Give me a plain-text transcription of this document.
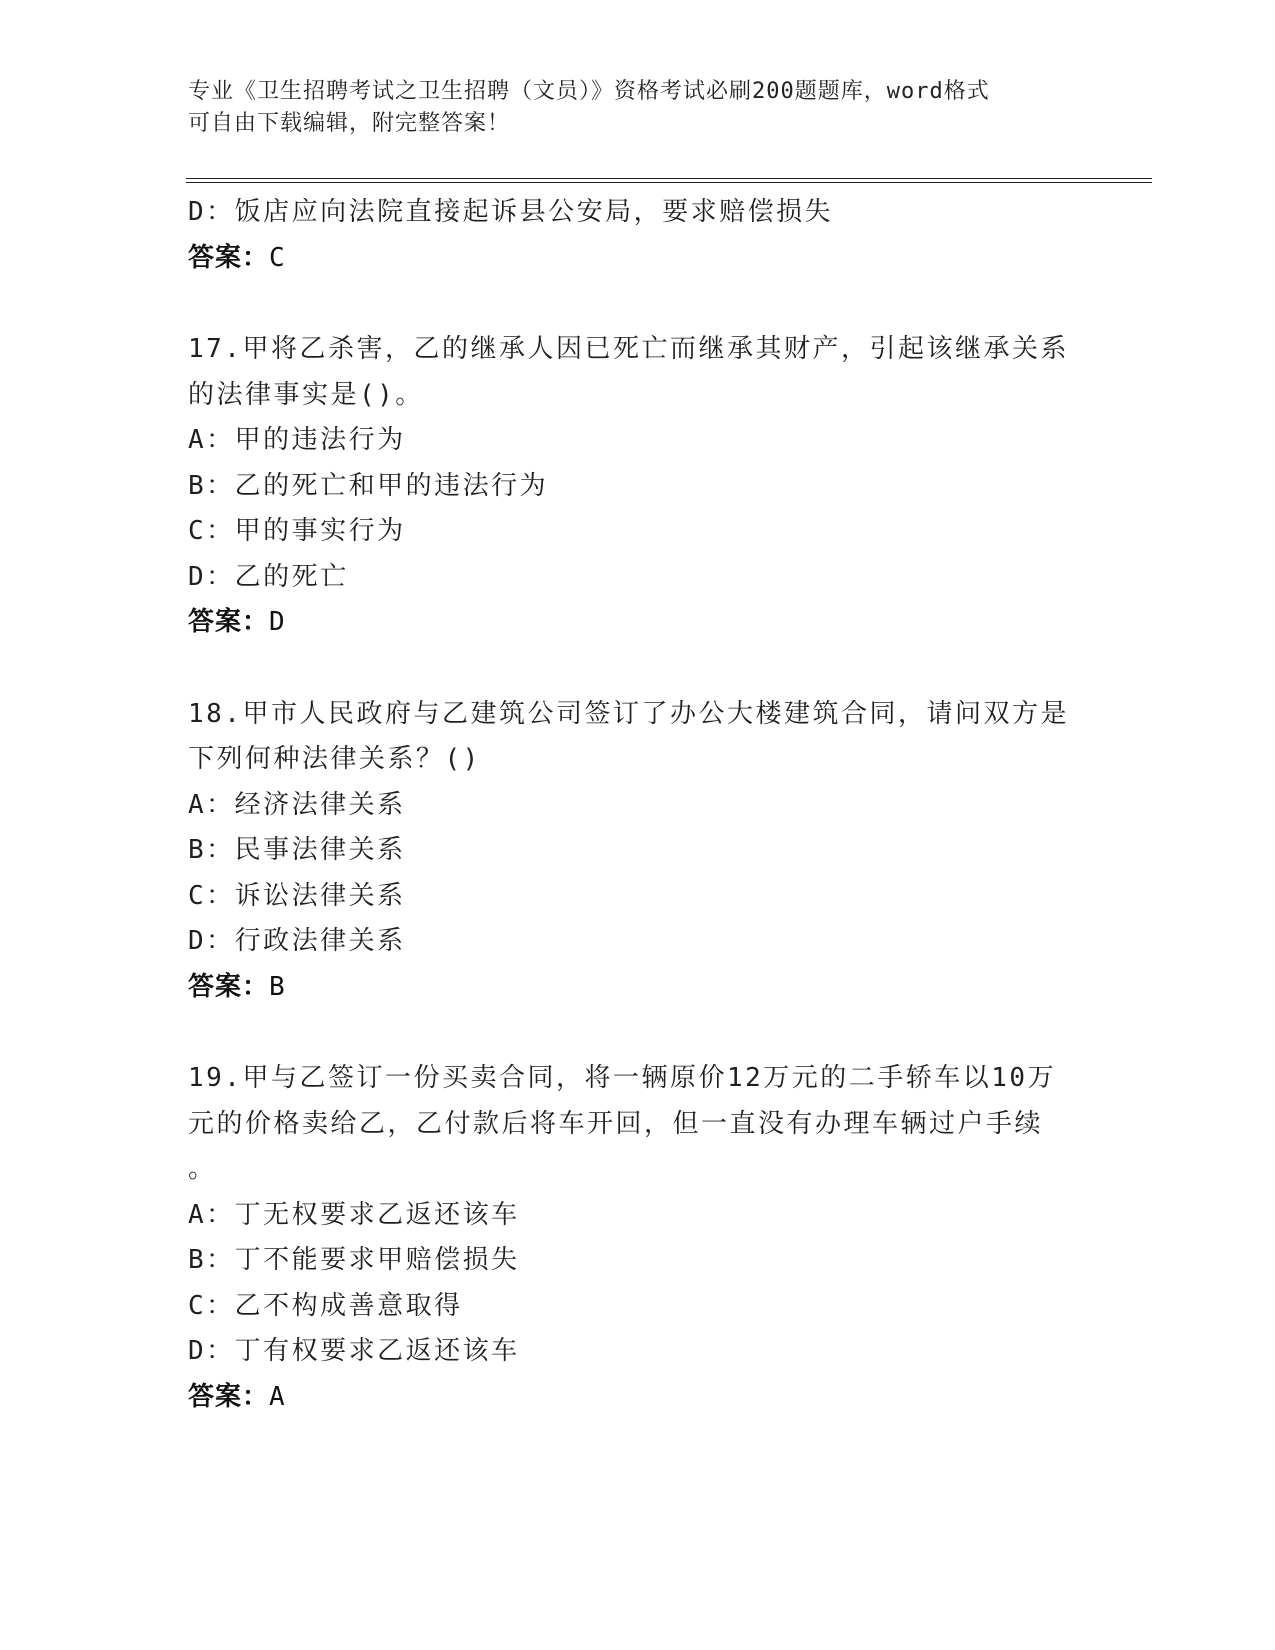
专业《卫生招聘考试之卫生招聘（文员）》资格考试必刷200题题库，word格式
可自由下载编辑，附完整答案！
D：饭店应向法院直接起诉县公安局，要求赔偿损失
答案：C
17.甲将乙杀害，乙的继承人因已死亡而继承其财产，引起该继承关系
的法律事实是()。
A：甲的违法行为
B：乙的死亡和甲的违法行为
C：甲的事实行为
D：乙的死亡
答案：D
18.甲市人民政府与乙建筑公司签订了办公大楼建筑合同，请问双方是
下列何种法律关系？()
A：经济法律关系
B：民事法律关系
C：诉讼法律关系
D：行政法律关系
答案：B
19.甲与乙签订一份买卖合同，将一辆原价12万元的二手轿车以10万
元的价格卖给乙，乙付款后将车开回，但一直没有办理车辆过户手续
。
A：丁无权要求乙返还该车
B：丁不能要求甲赔偿损失
C：乙不构成善意取得
D：丁有权要求乙返还该车
答案：A
